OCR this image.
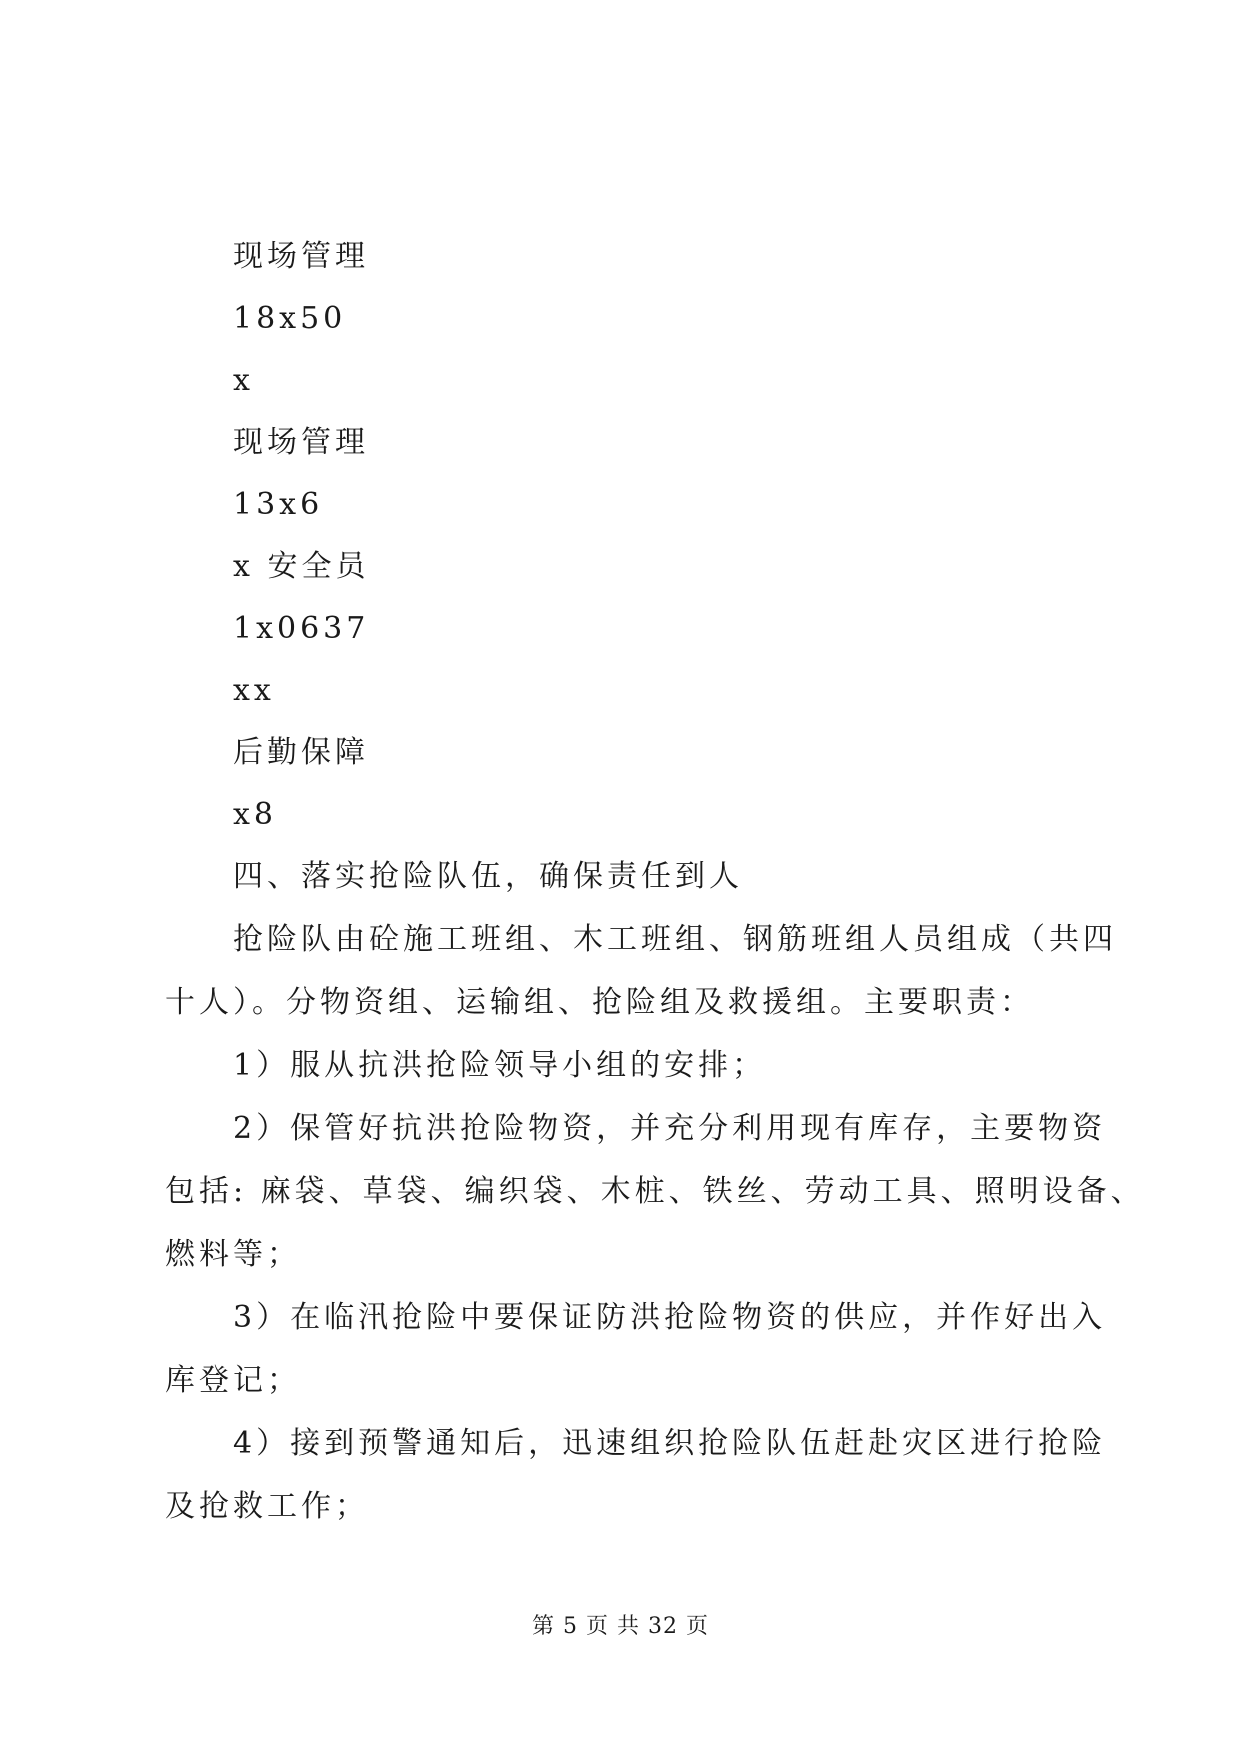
现场管理
18x50
x
现场管理
13x6
x 安全员
1x0637
xx
后勤保障
x8
四、落实抢险队伍，确保责任到人
抢险队由砼施工班组、木工班组、钢筋班组人员组成（共四
十人）。分物资组、运输组、抢险组及救援组。主要职责：
1）服从抗洪抢险领导小组的安排；
2）保管好抗洪抢险物资，并充分利用现有库存，主要物资
包括: 麻袋、草袋、编织袋、木桩、铁丝、劳动工具、照明设备、
燃料等；
3）在临汛抢险中要保证防洪抢险物资的供应，并作好出入
库登记；
4）接到预警通知后，迅速组织抢险队伍赶赴灾区进行抢险
及抢救工作；
第 5 页 共 32 页
